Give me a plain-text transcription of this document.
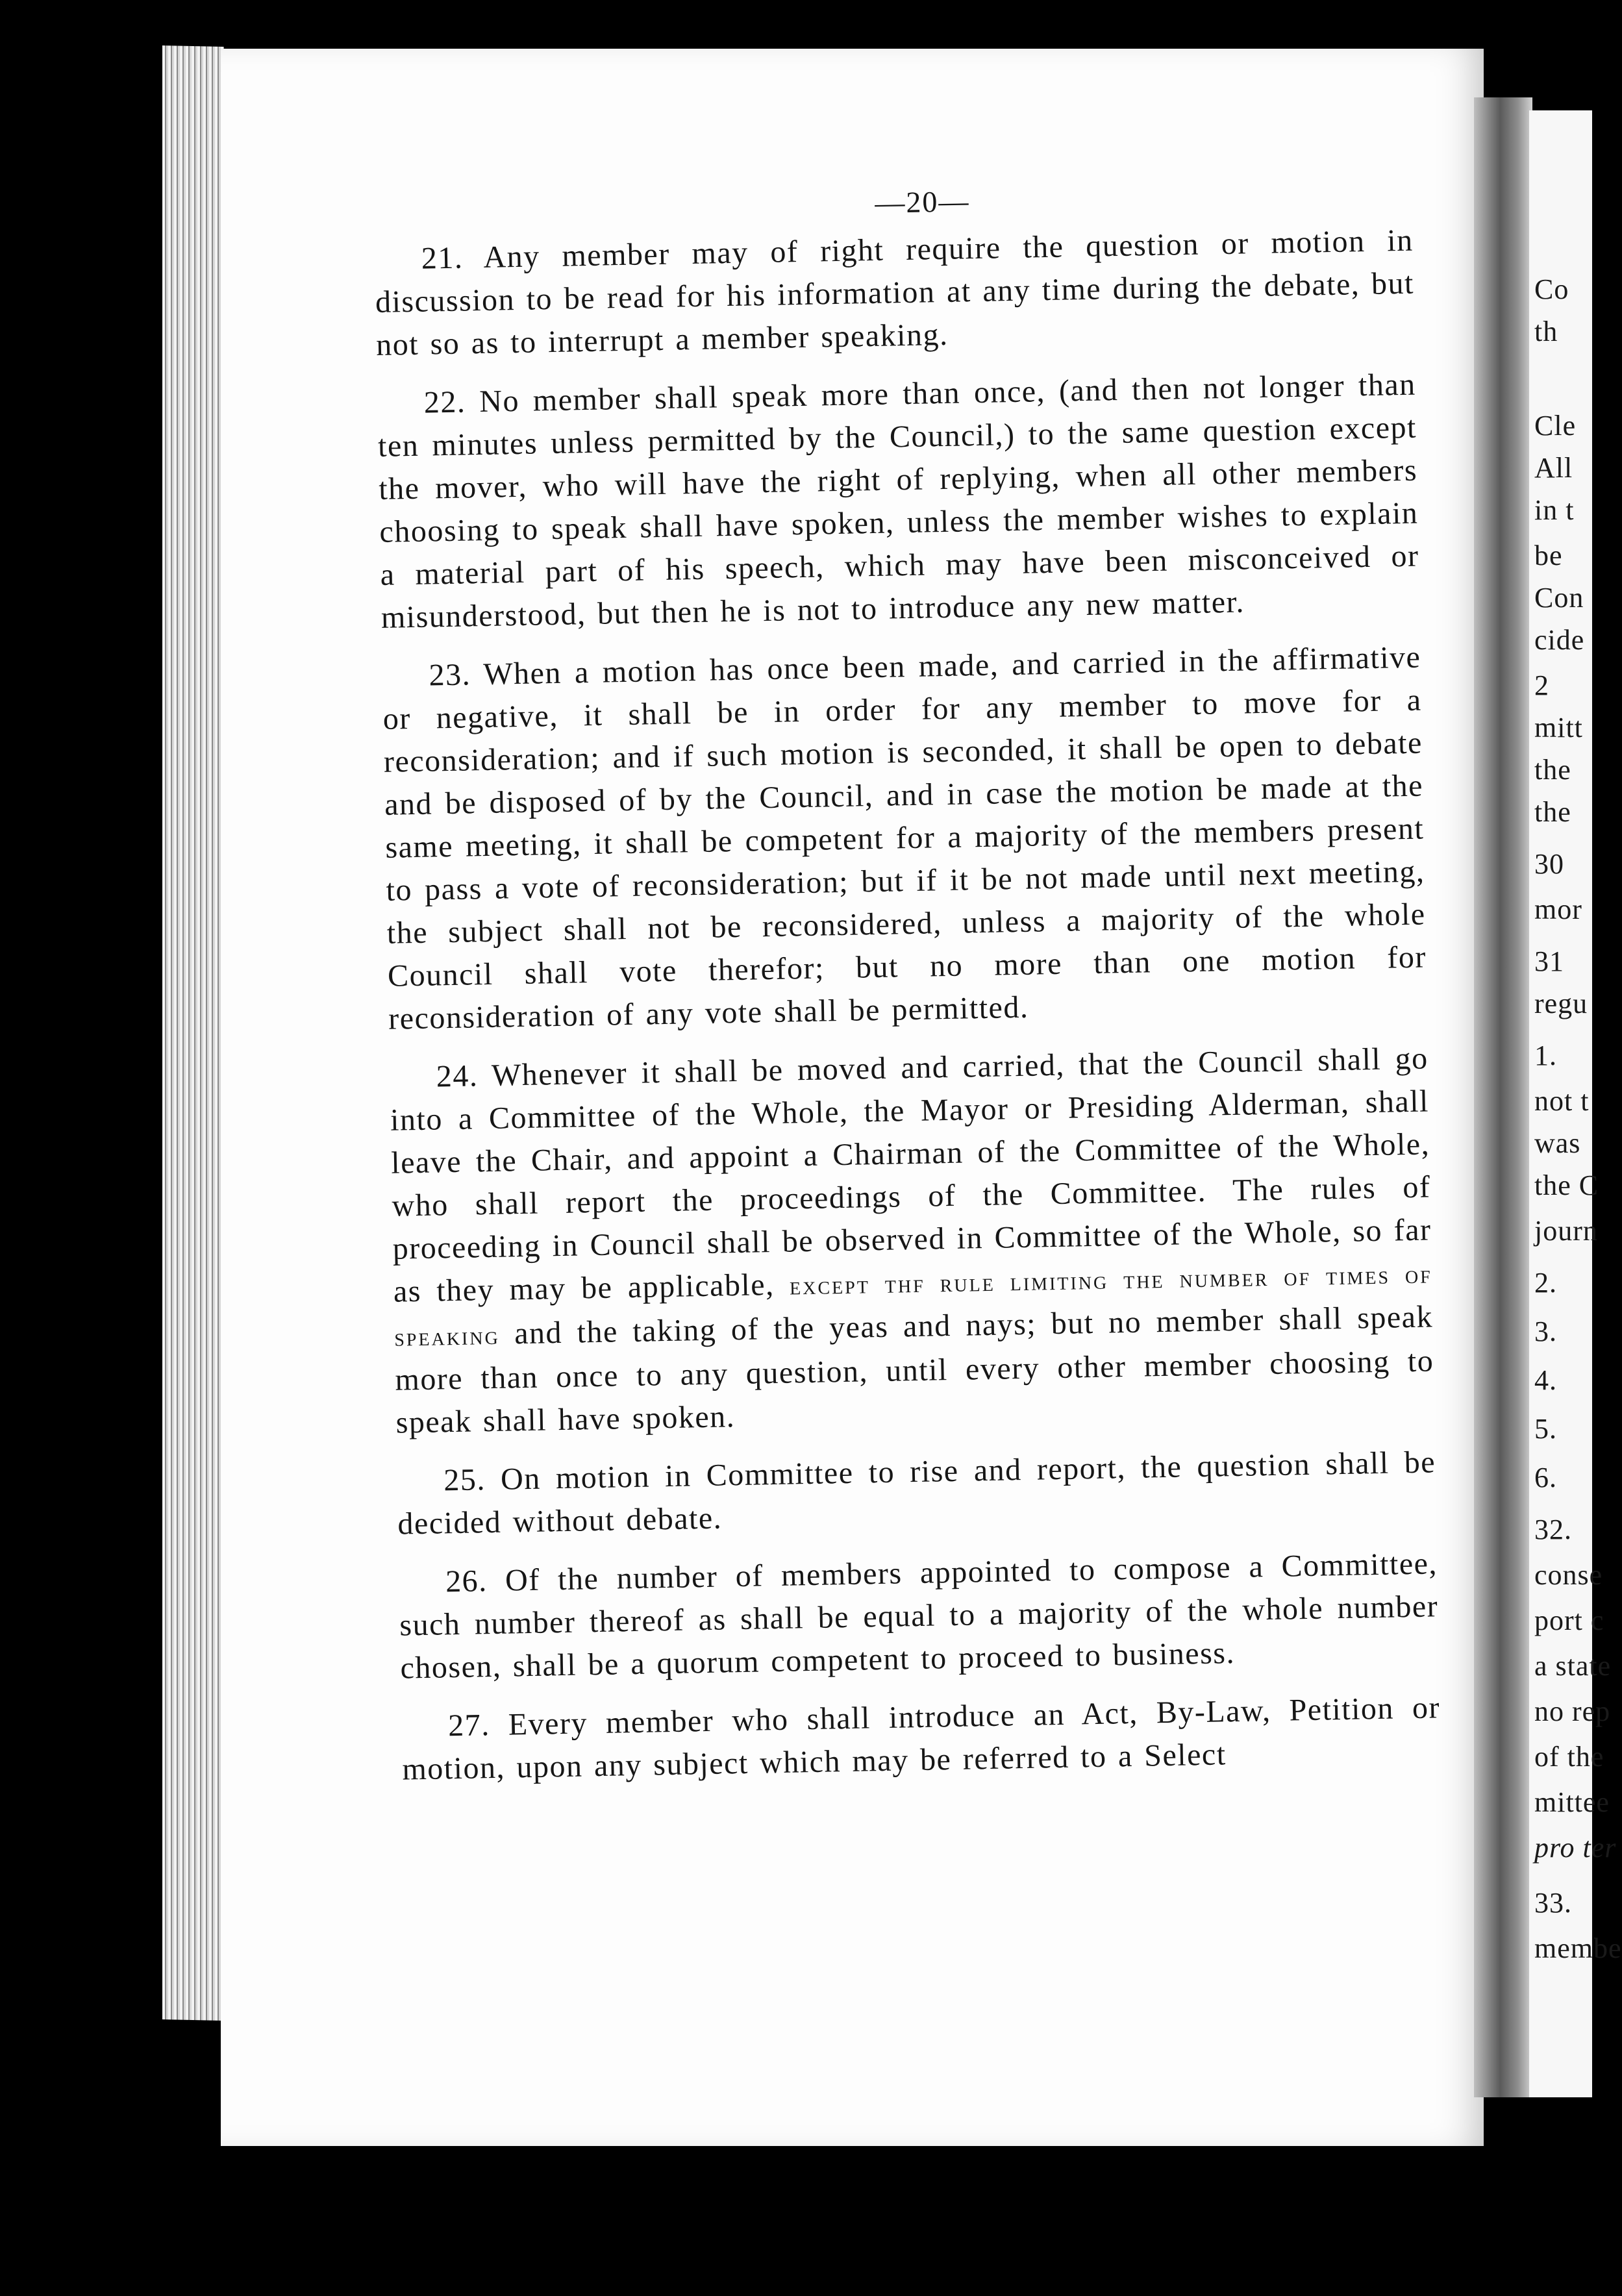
Co
th
Cle
All
in t
be
Con
cide
2
mitt
the
the
30
mor
31
regu
1.
not t
was
the C
journ
2.
3.
4.
5.
6.
32.
conse
port c
a state
no rep
of the
mittee
pro ter
33.
membe
—20—

21. Any member may of right require the question or motion in discussion to be read for his information at any time during the debate, but not so as to interrupt a member speaking.

22. No member shall speak more than once, (and then not longer than ten minutes unless permitted by the Council,) to the same question except the mover, who will have the right of replying, when all other members choosing to speak shall have spoken, unless the member wishes to explain a material part of his speech, which may have been misconceived or misunderstood, but then he is not to introduce any new matter.

23. When a motion has once been made, and carried in the affirmative or negative, it shall be in order for any member to move for a reconsideration; and if such motion is seconded, it shall be open to debate and be disposed of by the Council, and in case the motion be made at the same meeting, it shall be competent for a majority of the members present to pass a vote of reconsideration; but if it be not made until next meeting, the subject shall not be reconsidered, unless a majority of the whole Council shall vote therefor; but no more than one motion for reconsideration of any vote shall be permitted.

24. Whenever it shall be moved and carried, that the Council shall go into a Committee of the Whole, the Mayor or Presiding Alderman, shall leave the Chair, and appoint a Chairman of the Committee of the Whole, who shall report the proceedings of the Committee. The rules of proceeding in Council shall be observed in Committee of the Whole, so far as they may be applicable, except thf rule limiting the number of times of speaking and the taking of the yeas and nays; but no member shall speak more than once to any question, until every other member choosing to speak shall have spoken.

25. On motion in Committee to rise and report, the question shall be decided without debate.

26. Of the number of members appointed to compose a Committee, such number thereof as shall be equal to a majority of the whole number chosen, shall be a quorum competent to proceed to business.

27. Every member who shall introduce an Act, By-Law, Petition or motion, upon any subject which may be referred to a Select
